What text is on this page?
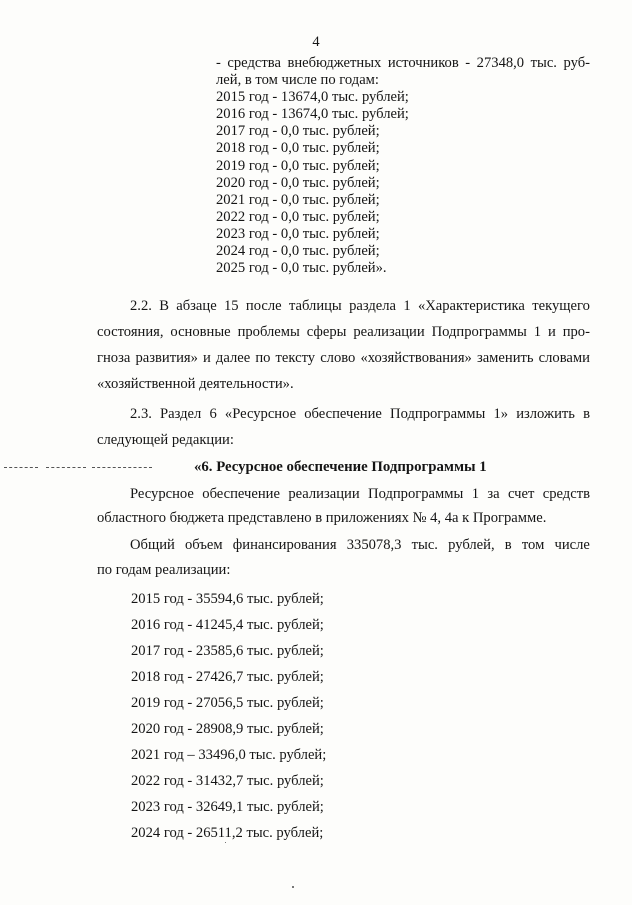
4
- средства внебюджетных источников - 27348,0 тыс. руб-
лей, в том числе по годам:
2015 год - 13674,0 тыс. рублей;
2016 год - 13674,0 тыс. рублей;
2017 год - 0,0 тыс. рублей;
2018 год - 0,0 тыс. рублей;
2019 год - 0,0 тыс. рублей;
2020 год - 0,0 тыс. рублей;
2021 год - 0,0 тыс. рублей;
2022 год - 0,0 тыс. рублей;
2023 год - 0,0 тыс. рублей;
2024 год - 0,0 тыс. рублей;
2025 год - 0,0 тыс. рублей».
2.2. В абзаце 15 после таблицы раздела 1 «Характеристика текущего
состояния, основные проблемы сферы реализации Подпрограммы 1 и про-
гноза развития» и далее по тексту слово «хозяйствования» заменить словами
«хозяйственной деятельности».
2.3. Раздел 6 «Ресурсное обеспечение Подпрограммы 1» изложить в
следующей редакции:
«6. Ресурсное обеспечение Подпрограммы 1
Ресурсное обеспечение реализации Подпрограммы 1 за счет средств
областного бюджета представлено в приложениях № 4, 4а к Программе.
Общий объем финансирования 335078,3 тыс. рублей, в том числе
по годам реализации:
2015 год - 35594,6 тыс. рублей;
2016 год - 41245,4 тыс. рублей;
2017 год - 23585,6 тыс. рублей;
2018 год - 27426,7 тыс. рублей;
2019 год - 27056,5 тыс. рублей;
2020 год - 28908,9 тыс. рублей;
2021 год – 33496,0 тыс. рублей;
2022 год - 31432,7 тыс. рублей;
2023 год - 32649,1 тыс. рублей;
2024 год - 26511,2 тыс. рублей;
